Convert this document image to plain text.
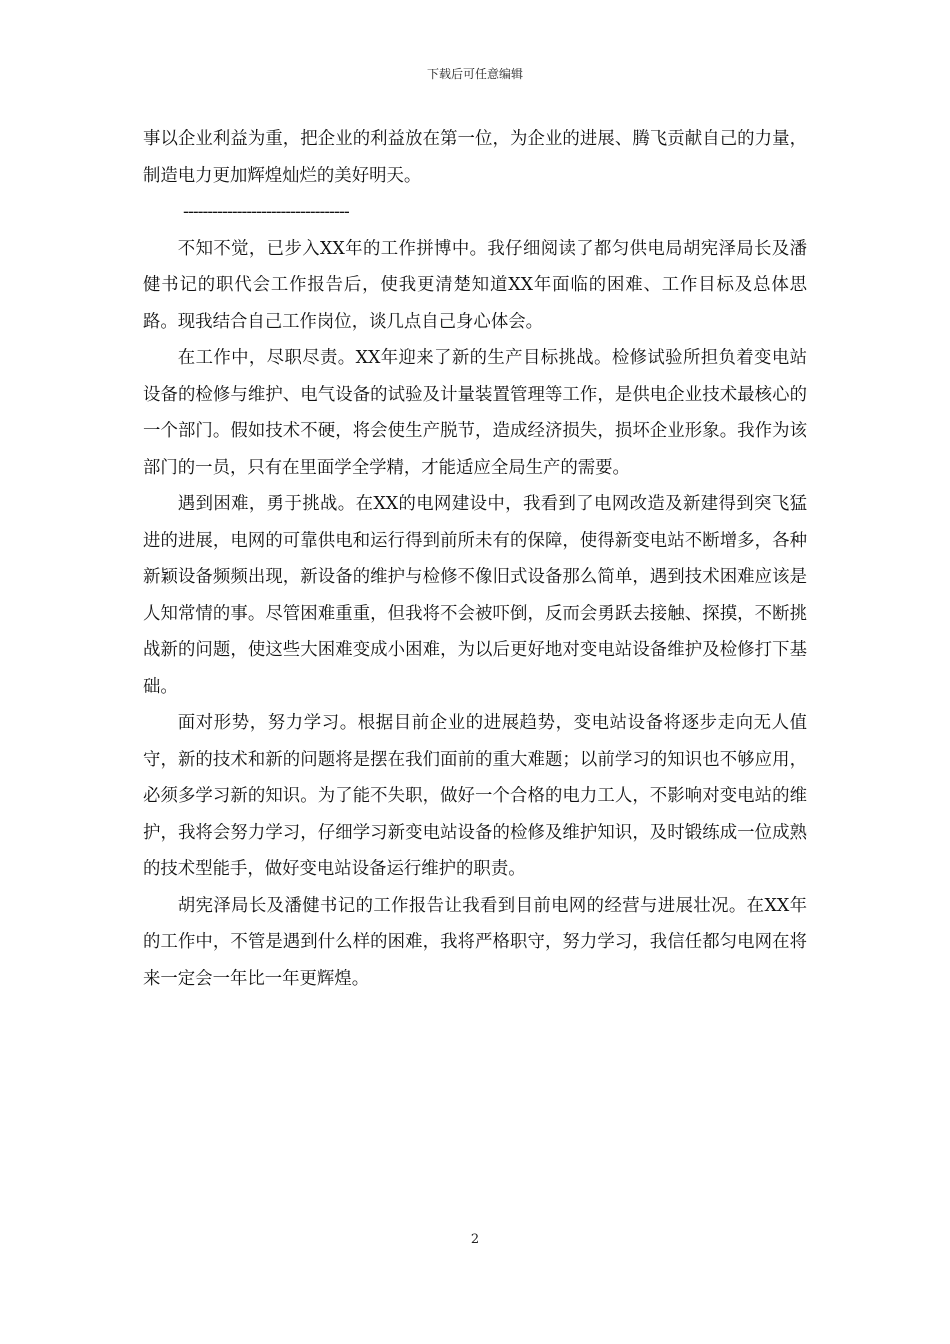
下载后可任意编辑

事以企业利益为重，把企业的利益放在第一位，为企业的进展、腾飞贡献自己的力量，制造电力更加辉煌灿烂的美好明天。

----------------------------------

不知不觉，已步入XX年的工作拼博中。我仔细阅读了都匀供电局胡宪泽局长及潘健书记的职代会工作报告后，使我更清楚知道XX年面临的困难、工作目标及总体思路。现我结合自己工作岗位，谈几点自己身心体会。

在工作中，尽职尽责。XX年迎来了新的生产目标挑战。检修试验所担负着变电站设备的检修与维护、电气设备的试验及计量装置管理等工作，是供电企业技术最核心的一个部门。假如技术不硬，将会使生产脱节，造成经济损失，损坏企业形象。我作为该部门的一员，只有在里面学全学精，才能适应全局生产的需要。

遇到困难，勇于挑战。在XX的电网建设中，我看到了电网改造及新建得到突飞猛进的进展，电网的可靠供电和运行得到前所未有的保障，使得新变电站不断增多，各种新颖设备频频出现，新设备的维护与检修不像旧式设备那么简单，遇到技术困难应该是人知常情的事。尽管困难重重，但我将不会被吓倒，反而会勇跃去接触、探摸，不断挑战新的问题，使这些大困难变成小困难，为以后更好地对变电站设备维护及检修打下基础。

面对形势，努力学习。根据目前企业的进展趋势，变电站设备将逐步走向无人值守，新的技术和新的问题将是摆在我们面前的重大难题；以前学习的知识也不够应用，必须多学习新的知识。为了能不失职，做好一个合格的电力工人，不影响对变电站的维护，我将会努力学习，仔细学习新变电站设备的检修及维护知识，及时锻练成一位成熟的技术型能手，做好变电站设备运行维护的职责。

胡宪泽局长及潘健书记的工作报告让我看到目前电网的经营与进展壮况。在XX年的工作中，不管是遇到什么样的困难，我将严格职守，努力学习，我信任都匀电网在将来一定会一年比一年更辉煌。

2
